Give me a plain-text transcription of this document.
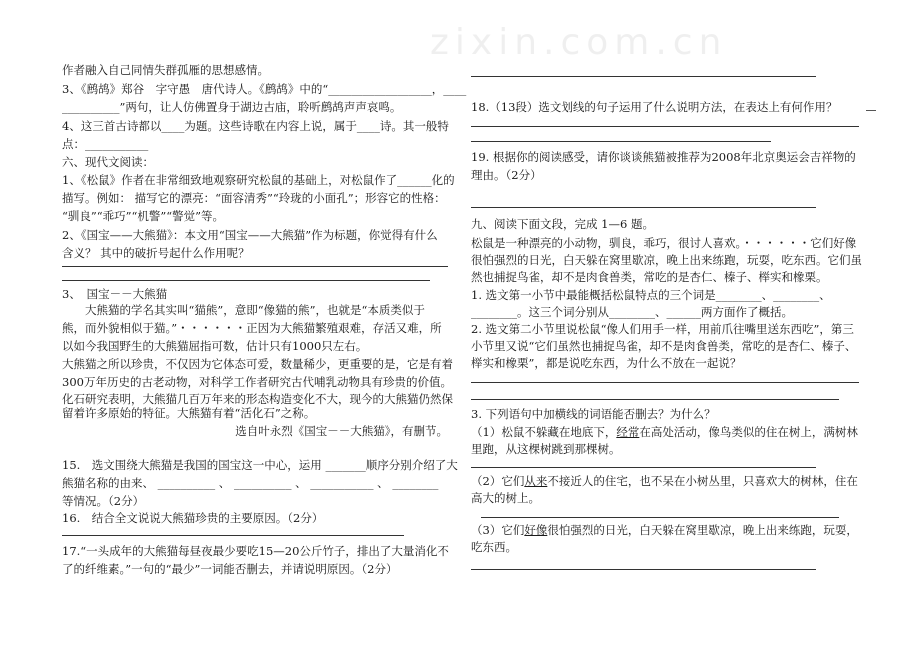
zixin.com.cn
作者融入自己同情失群孤雁的思想感情。
3、《鹧鸪》郑谷　字守愚　唐代诗人。《鹧鸪》中的“__________________，____
__________”两句，让人仿佛置身于湖边古庙，聆听鹧鸪声声哀鸣。
4、这三首古诗都以____为题。这些诗歌在内容上说，属于____诗。其一般特
点：___________
六、现代文阅读：
1、《松鼠》作者在非常细致地观察研究松鼠的基础上，对松鼠作了______化的
描写。例如： 描写它的漂亮：“面容清秀”“玲珑的小面孔”；形容它的性格：
“驯良”“乖巧”“机警”“警觉”等。
2、《国宝——大熊猫》：本文用“国宝——大熊猫”作为标题，你觉得有什么
含义？ 其中的破折号起什么作用呢？
3、　国宝－－大熊猫
　　大熊猫的学名其实叫“猫熊”，意即“像猫的熊”，也就是“本质类似于
熊，而外貌相似于猫。”・・・・・・正因为大熊猫繁殖艰难，存活又难，所
以如今我国野生的大熊猫屈指可数，估计只有1000只左右。
大熊猫之所以珍贵，不仅因为它体态可爱，数量稀少，更重要的是，它是有着
300万年历史的古老动物，对科学工作者研究古代哺乳动物具有珍贵的价值。
化石研究表明，大熊猫几百万年来的形态构造变化不大，现今的大熊猫仍然保
留着许多原始的特征。大熊猫有着“活化石”之称。
选自叶永烈《国宝－－大熊猫》，有删节。
15.　选文围绕大熊猫是我国的国宝这一中心，运用 _______顺序分别介绍了大
熊猫名称的由来、 __________ 、 __________ 、 ___________ 、 ________
等情况。（2分）
16.　结合全文说说大熊猫珍贵的主要原因。（2分）
17.“一头成年的大熊猫每昼夜最少要吃15—20公斤竹子，排出了大量消化不
了的纤维素。”一句的“最少”一词能否删去，并请说明原因。（2分）
18.（13段）选文划线的句子运用了什么说明方法，在表达上有何作用？
19. 根据你的阅读感受，请你谈谈熊猫被推荐为2008年北京奥运会吉祥物的
理由。（2分）
九、阅读下面文段，完成 1—6 题。
松鼠是一种漂亮的小动物，驯良，乖巧，很讨人喜欢。・・・・・・它们好像
很怕强烈的日光，白天躲在窝里歇凉，晚上出来练跑，玩耍，吃东西。它们虽
然也捕捉鸟雀，却不是肉食兽类，常吃的是杏仁、榛子、榉实和橡栗。
1. 选文第一小节中最能概括松鼠特点的三个词是________、________、
________。这三个词分别从________、______两方面作了概括。
2. 选文第二小节里说松鼠“像人们用手一样，用前爪往嘴里送东西吃”，第三
小节里又说“它们虽然也捕捉鸟雀，却不是肉食兽类，常吃的是杏仁、榛子、
榉实和橡栗”，都是说吃东西，为什么不放在一起说？
3. 下列语句中加横线的词语能否删去？为什么？
（1）松鼠不躲藏在地底下，经常在高处活动，像鸟类似的住在树上，满树林
里跑，从这棵树跳到那棵树。
（2）它们从来不接近人的住宅，也不呆在小树丛里，只喜欢大的树林，住在
高大的树上。
（3）它们好像很怕强烈的日光，白天躲在窝里歇凉，晚上出来练跑，玩耍，
吃东西。
